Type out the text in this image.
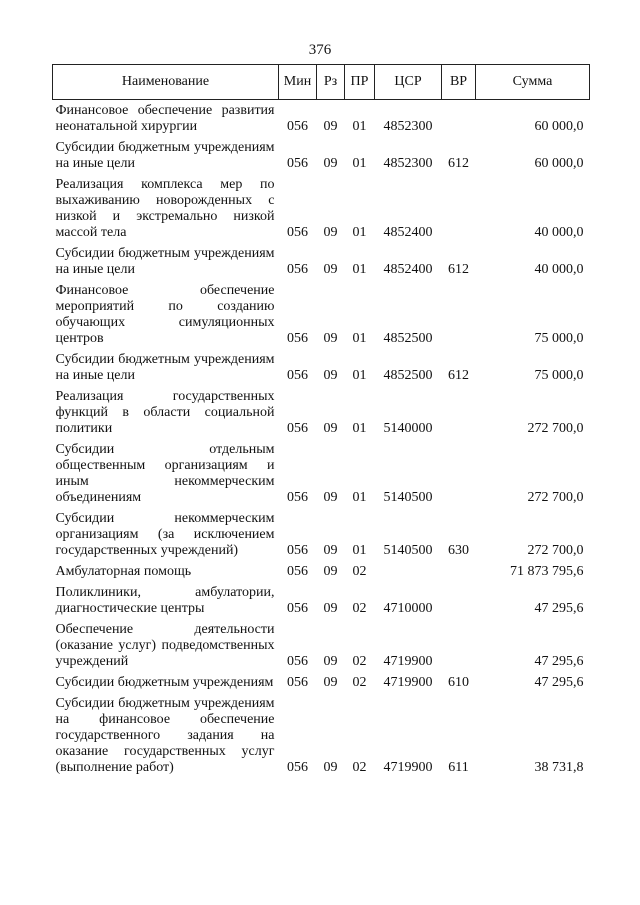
376
Наименование	Мин	Рз	ПР	ЦСР	ВР	Сумма
Финансовое обеспечение развития неонатальной хирургии	056	09	01	4852300		60 000,0
Субсидии бюджетным учреждениям на иные цели	056	09	01	4852300	612	60 000,0
Реализация комплекса мер по выхаживанию новорожденных с низкой и экстремально низкой массой тела	056	09	01	4852400		40 000,0
Субсидии бюджетным учреждениям на иные цели	056	09	01	4852400	612	40 000,0
Финансовое обеспечение мероприятий по созданию обучающих симуляционных центров	056	09	01	4852500		75 000,0
Субсидии бюджетным учреждениям на иные цели	056	09	01	4852500	612	75 000,0
Реализация государственных функций в области социальной политики	056	09	01	5140000		272 700,0
Субсидии отдельным общественным организациям и иным некоммерческим объединениям	056	09	01	5140500		272 700,0
Субсидии некоммерческим организациям (за исключением государственных учреждений)	056	09	01	5140500	630	272 700,0
Амбулаторная помощь	056	09	02			71 873 795,6
Поликлиники, амбулатории, диагностические центры	056	09	02	4710000		47 295,6
Обеспечение деятельности (оказание услуг) подведомственных учреждений	056	09	02	4719900		47 295,6
Субсидии бюджетным учреждениям	056	09	02	4719900	610	47 295,6
Субсидии бюджетным учреждениям на финансовое обеспечение государственного задания на оказание государственных услуг (выполнение работ)	056	09	02	4719900	611	38 731,8
